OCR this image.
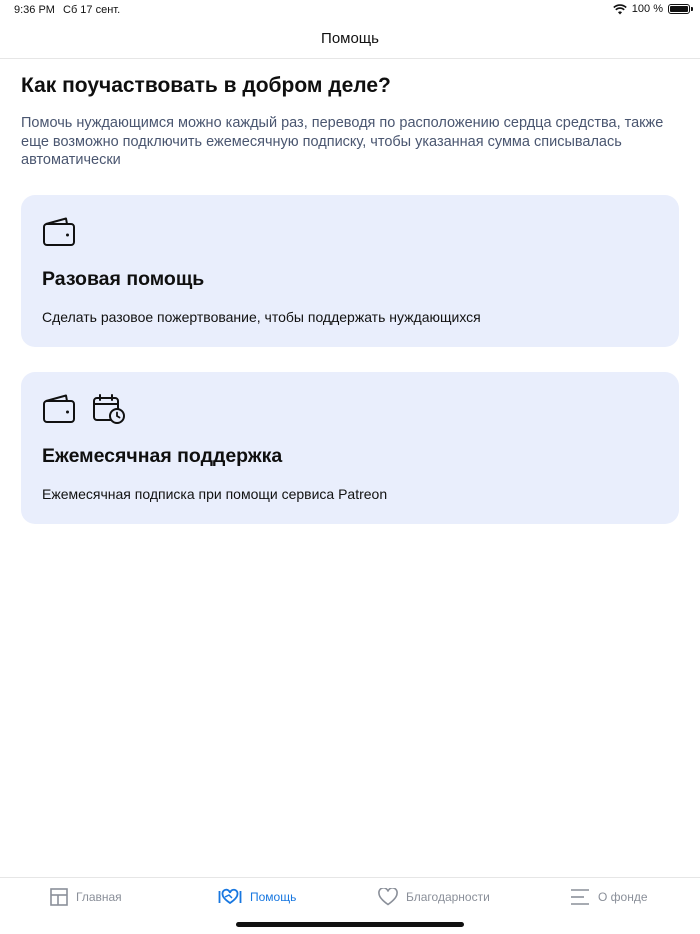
9:36 PM Сб 17 сент.	100 %
Помощь
Как поучаствовать в добром деле?
Помочь нуждающимся можно каждый раз, переводя по расположению сердца средства, также еще возможно подключить ежемесячную подписку, чтобы указанная сумма списывалась автоматически
Разовая помощь
Сделать разовое пожертвование, чтобы поддержать нуждающихся
Ежемесячная поддержка
Ежемесячная подписка при помощи сервиса Patreon
Главная	Помощь	Благодарности	О фонде
